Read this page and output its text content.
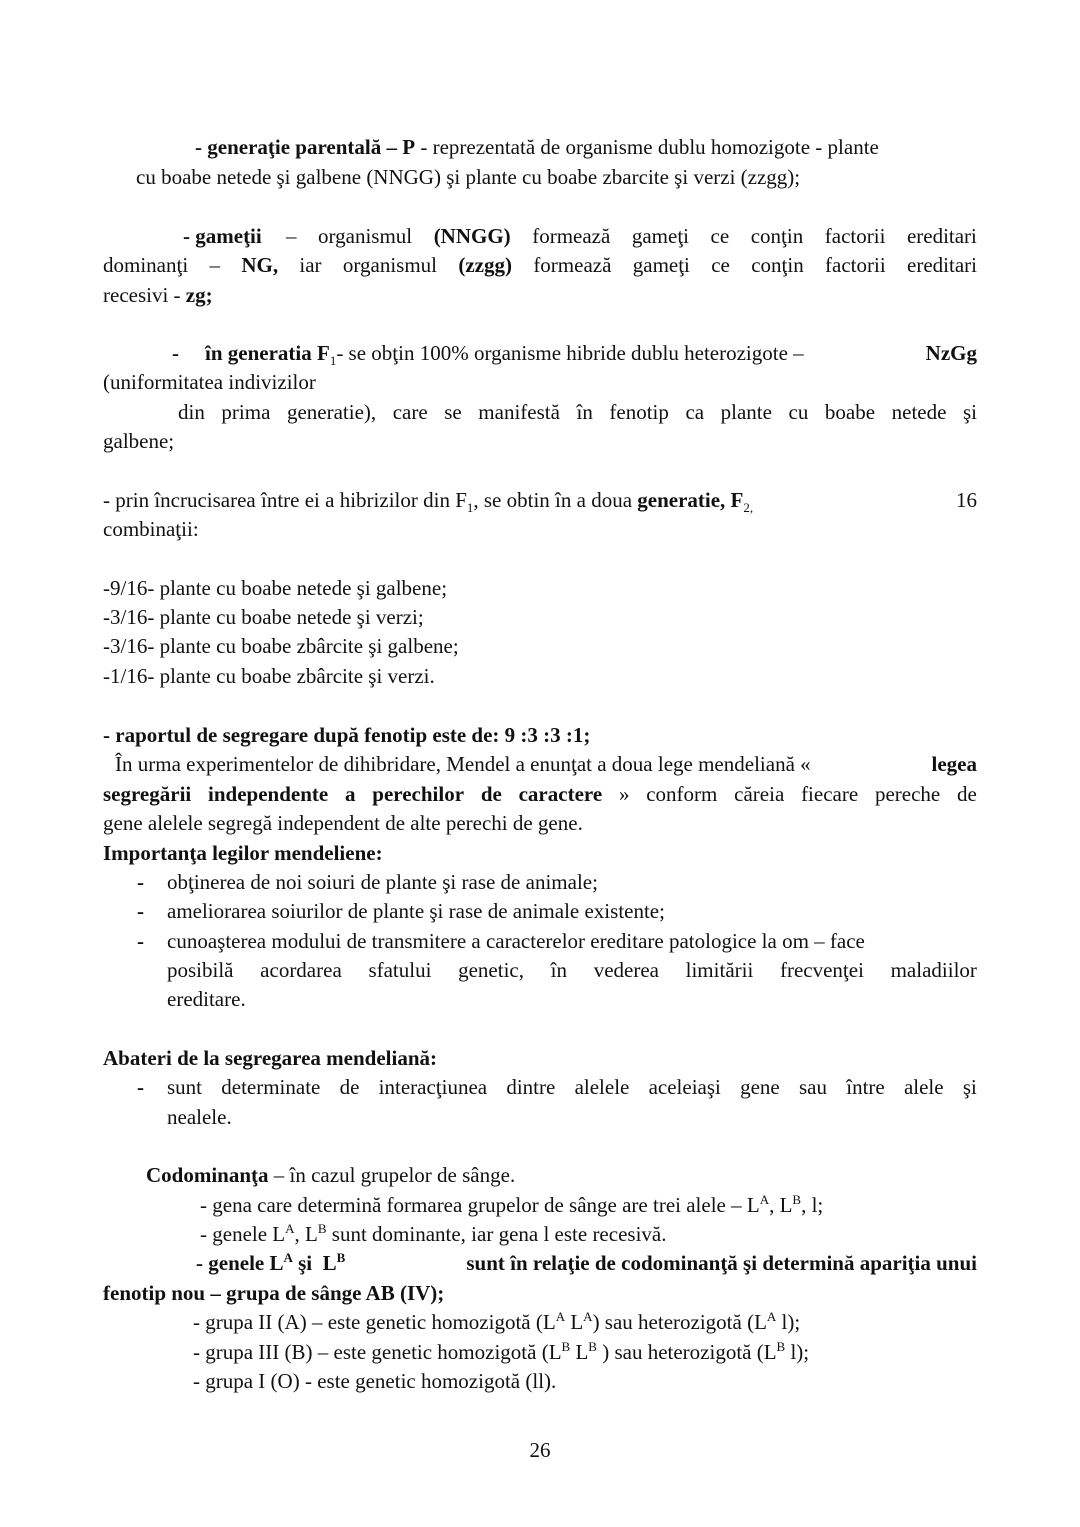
- generaţie parentală – P - reprezentată de organisme dublu homozigote - plante
cu boabe netede şi galbene (NNGG) şi plante cu boabe zbarcite şi verzi (zzgg);
- gameţii – organismul (NNGG) formează gameţi ce conţin factorii ereditari
dominanţi – NG, iar organismul (zzgg) formează gameţi ce conţin factorii ereditari
recesivi - zg;
- în generatia $F_1-$ se obţin 100% organisme hibride dublu heterozigote –	NzGg
(uniformitatea indivizilor
din prima generatie), care se manifestă în fenotip ca plante cu boabe netede şi
galbene;
- prin încrucisarea între ei a hibrizilor din $F_1$, se obtin în a doua generatie, $F_{2,}$	16
combinaţii:
-9/16- plante cu boabe netede şi galbene;
-3/16- plante cu boabe netede şi verzi;
-3/16- plante cu boabe zbârcite şi galbene;
-1/16- plante cu boabe zbârcite şi verzi.
- raportul de segregare după fenotip este de: 9 :3 :3 :1;
În urma experimentelor de dihibridare, Mendel a enunţat a doua lege mendeliană «	legea
segregării independente a perechilor de caractere » conform căreia fiecare pereche de
gene alelele segregă independent de alte perechi de gene.
Importanţa legilor mendeliene:
- obţinerea de noi soiuri de plante şi rase de animale;
- ameliorarea soiurilor de plante şi rase de animale existente;
- cunoaşterea modului de transmitere a caracterelor ereditare patologice la om – face
posibilă acordarea sfatului genetic, în vederea limitării frecvenţei maladiilor
ereditare.
Abateri de la segregarea mendeliană:
- sunt determinate de interacţiunea dintre alelele aceleiaşi gene sau între alele şi
nealele.
Codominanţa – în cazul grupelor de sânge.
- gena care determină formarea grupelor de sânge are trei alele – $L^A$, $L^B$, l;
- genele $L^A$, $L^B$ sunt dominante, iar gena l este recesivă.
- genele $L^A$ şi  $L^B$	sunt în relaţie de codominanţă şi determină apariţia unui
fenotip nou – grupa de sânge AB (IV);
- grupa II (A) – este genetic homozigotă ($L^A$ $L^A$) sau heterozigotă ($L^A$ l);
- grupa III (B) – este genetic homozigotă ($L^B$ $L^B$ ) sau heterozigotă ($L^B$ l);
- grupa I (O) - este genetic homozigotă (ll).
26
